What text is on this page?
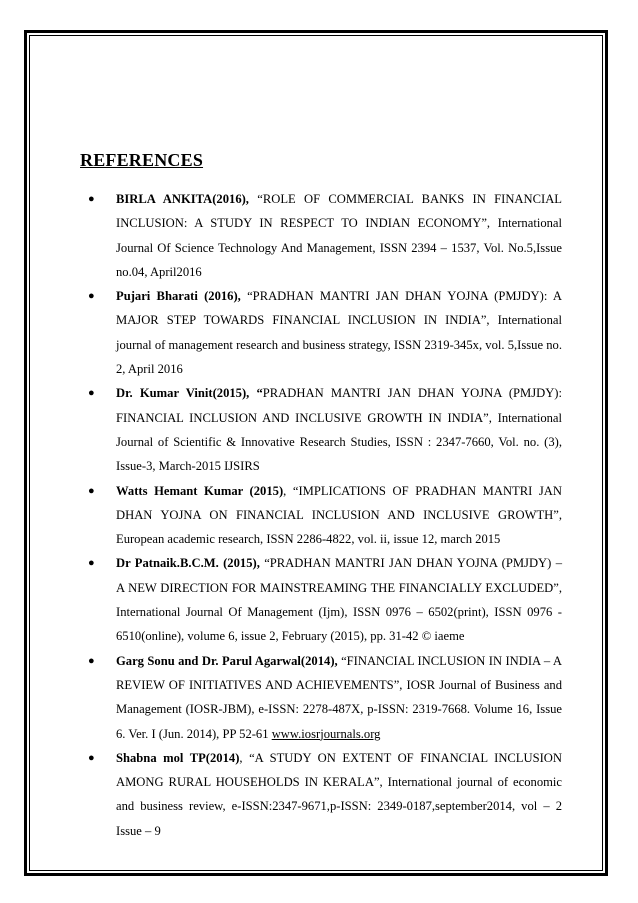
REFERENCES
● BIRLA ANKITA(2016), “ROLE OF COMMERCIAL BANKS IN FINANCIAL INCLUSION: A STUDY IN RESPECT TO INDIAN ECONOMY”, International Journal Of Science Technology And Management, ISSN 2394 – 1537, Vol. No.5,Issue no.04, April2016
● Pujari Bharati (2016), “PRADHAN MANTRI JAN DHAN YOJNA (PMJDY): A MAJOR STEP TOWARDS FINANCIAL INCLUSION IN INDIA”, International journal of management research and business strategy, ISSN 2319-345x, vol. 5,Issue no. 2, April 2016
● Dr. Kumar Vinit(2015), “PRADHAN MANTRI JAN DHAN YOJNA (PMJDY): FINANCIAL INCLUSION AND INCLUSIVE GROWTH IN INDIA”, International Journal of Scientific & Innovative Research Studies, ISSN : 2347-7660, Vol. no. (3), Issue-3, March-2015 IJSIRS
● Watts Hemant Kumar (2015), “IMPLICATIONS OF PRADHAN MANTRI JAN DHAN YOJNA ON FINANCIAL INCLUSION AND INCLUSIVE GROWTH”, European academic research, ISSN 2286-4822, vol. ii, issue 12, march 2015
● Dr Patnaik.B.C.M. (2015), “PRADHAN MANTRI JAN DHAN YOJNA (PMJDY) – A NEW DIRECTION FOR MAINSTREAMING THE FINANCIALLY EXCLUDED”, International Journal Of Management (Ijm), ISSN 0976 – 6502(print), ISSN 0976 - 6510(online), volume 6, issue 2, February (2015), pp. 31-42 © iaeme
● Garg Sonu and Dr. Parul Agarwal(2014), “FINANCIAL INCLUSION IN INDIA – A REVIEW OF INITIATIVES AND ACHIEVEMENTS”, IOSR Journal of Business and Management (IOSR-JBM), e-ISSN: 2278-487X, p-ISSN: 2319-7668. Volume 16, Issue 6. Ver. I (Jun. 2014), PP 52-61 www.iosrjournals.org
● Shabna mol TP(2014), “A STUDY ON EXTENT OF FINANCIAL INCLUSION AMONG RURAL HOUSEHOLDS IN KERALA”, International journal of economic and business review, e-ISSN:2347-9671,p-ISSN: 2349-0187,september2014, vol – 2 Issue – 9
